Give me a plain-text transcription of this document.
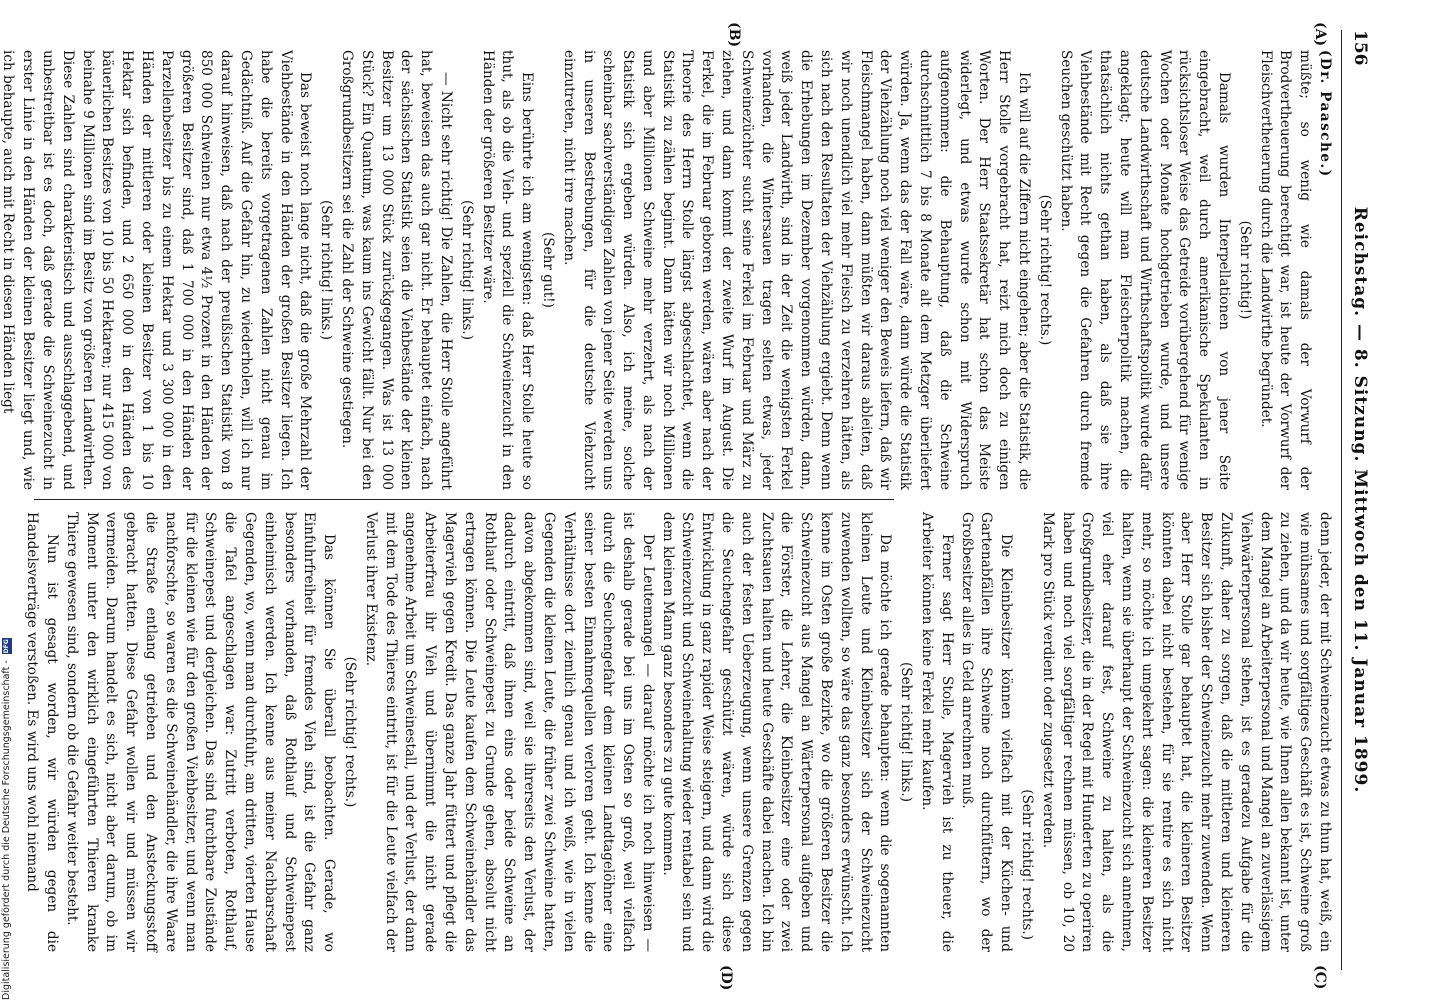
156
Reichstag. — 8. Sitzung. Mittwoch den 11. Januar 1899.
(A)
(B)
(C)
(D)

(Dr. Paasche.)

müßte; so wenig wie damals der Vorwurf der Brodvertheuerung berechtigt war, ist heute der Vorwurf der Fleischvertheuerung durch die Landwirthe begründet.

(Sehr richtig!)

Damals wurden Interpellationen von jener Seite eingebracht, weil durch amerikanische Spekulanten in rücksichtsloser Weise das Getreide vorübergehend für wenige Wochen oder Monate hochgetrieben wurde, und unsere deutsche Landwirthschaft und Wirthschaftspolitik wurde dafür angeklagt; heute will man Fleischerpolitik machen, die thatsächlich nichts gethan haben, als daß sie ihre Viehbestände mit Recht gegen die Gefahren durch fremde Seuchen geschützt haben.

(Sehr richtig! rechts.)

Ich will auf die Ziffern nicht eingehen; aber die Statistik, die Herr Stolle vorgebracht hat, reizt mich doch zu einigen Worten. Der Herr Staatssekretär hat schon das Meiste widerlegt, und etwas wurde schon mit Widerspruch aufgenommen: die Behauptung, daß die Schweine durchschnittlich 7 bis 8 Monate alt dem Metzger überliefert würden. Ja, wenn das der Fall wäre, dann würde die Statistik der Viehzählung noch viel weniger den Beweis liefern, daß wir Fleischmangel haben, dann müßten wir daraus ableiten, daß wir noch unendlich viel mehr Fleisch zu verzehren hätten, als sich nach den Resultaten der Viehzählung ergiebt. Denn wenn die Erhebungen im Dezember vorgenommen würden, dann, weiß jeder Landwirth, sind in der Zeit die wenigsten Ferkel vorhanden, die Wintersauen tragen selten etwas, jeder Schweinezüchter sucht seine Ferkel im Februar und März zu ziehen, und dann kommt der zweite Wurf im August. Die Ferkel, die im Februar geboren werden, wären aber nach der Theorie des Herrn Stolle längst abgeschlachtet, wenn die Statistik zu zählen beginnt. Dann hätten wir noch Millionen und aber Millionen Schweine mehr verzehrt, als nach der Statistik sich ergeben würden. Also, ich meine, solche scheinbar sachverständigen Zahlen von jener Seite werden uns in unseren Bestrebungen, für die deutsche Viehzucht einzutreten, nicht irre machen.

(Sehr gut!)

Eins berührte ich am wenigsten: daß Herr Stolle heute so thut, als ob die Vieh- und speziell die Schweinezucht in den Händen der größeren Besitzer wäre.

(Sehr richtig! links.)

— Nicht sehr richtig! Die Zahlen, die Herr Stolle angeführt hat, beweisen das auch gar nicht. Er behauptet einfach, nach der sächsischen Statistik seien die Viehbestände der kleinen Besitzer um 13 000 Stück zurückgegangen. Was ist 13 000 Stück? Ein Quantum, was kaum ins Gewicht fällt. Nur bei den Großgrundbesitzern sei die Zahl der Schweine gestiegen.

(Sehr richtig! links.)

Das beweist noch lange nicht, daß die große Mehrzahl der Viehbestände in den Händen der großen Besitzer liegen. Ich habe die bereits vorgetragenen Zahlen nicht genau im Gedächtniß. Auf die Gefahr hin, zu wiederholen, will ich nur darauf hinweisen, daß nach der preußischen Statistik von 8 850 000 Schweinen nur etwa 4½ Prozent in den Händen der größeren Besitzer sind, daß 1 700 000 in den Händen der Parzellenbesitzer bis zu einem Hektar und 3 300 000 in den Händen der mittleren oder kleinen Besitzer von 1 bis 10 Hektar sich befinden, und 2 650 000 in den Händen des bäuerlichen Besitzes von 10 bis 50 Hektaren; nur 415 000 von beinahe 9 Millionen sind im Besitz von größeren Landwirthen. Diese Zahlen sind charakteristisch und ausschlaggebend, und unbestreitbar ist es doch, daß gerade die Schweinezucht in erster Linie in den Händen der kleinen Besitzer liegt und, wie ich behaupte, auch mit Recht in diesen Händen liegt

denn jeder, der mit Schweinezucht etwas zu thun hat, weiß, ein wie mühsames und sorgfältiges Geschäft es ist, Schweine groß zu ziehen, und da wir heute, wie Ihnen allen bekannt ist, unter dem Mangel an Arbeiterpersonal und Mangel an zuverlässigem Viehwärterpersonal stehen, ist es geradezu Aufgabe für die Zukunft, daher zu sorgen, daß die mittleren und kleineren Besitzer sich bisher der Schweinezucht mehr zuwenden. Wenn aber Herr Stolle gar behauptet hat, die kleineren Besitzer könnten dabei nicht bestehen, für sie rentire es sich nicht mehr, so möchte ich umgekehrt sagen: die kleineren Besitzer halten, wenn sie überhaupt der Schweinezucht sich annehmen, viel eher darauf fest, Schweine zu halten, als die Großgrundbesitzer, die in der Regel mit Hunderten zu operiren haben und noch viel sorgfältiger rechnen müssen, ob 10, 20 Mark pro Stück verdient oder zugesetzt werden.

(Sehr richtig! rechts.)

Die Kleinbesitzer können vielfach mit der Küchen- und Gartenabfällen ihre Schweine noch durchfüttern, wo der Großbesitzer alles in Geld anrechnen muß.

Ferner sagt Herr Stolle, Magervieh ist zu theuer, die Arbeiter können keine Ferkel mehr kaufen.

(Sehr richtig! links.)

Da möchte ich gerade behaupten: wenn die sogenannten kleinen Leute und Kleinbesitzer sich der Schweinezucht zuwenden wollten, so wäre das ganz besonders erwünscht. Ich kenne im Osten große Bezirke, wo die größeren Besitzer die Schweinezucht aus Mangel an Wärterpersonal aufgeben und die Förster, die Lehrer, die Kleinbesitzer eine oder zwei Zuchtsauen halten und heute Geschäfte dabei machen. Ich bin auch der festen Ueberzeugung, wenn unsere Grenzen gegen die Seuchengefahr geschützt wären, würde sich diese Entwicklung in ganz rapider Weise steigern, und dann wird die Schweinezucht und Schweinehaltung wieder rentabel sein und dem kleinen Mann ganz besonders zu gute kommen.

Der Leutemangel — darauf möchte ich noch hinweisen — ist deshalb gerade bei uns im Osten so groß, weil vielfach durch die Seuchengefahr dem kleinen Landtagelöhner eine seiner besten Einnahmequellen verloren geht. Ich kenne die Verhältnisse dort ziemlich genau und ich weiß, wie in vielen Gegenden die kleinen Leute, die früher zwei Schweine hatten, davon abgekommen sind, weil sie ihrerseits den Verlust, der dadurch eintritt, daß ihnen eins oder beide Schweine an Rothlauf oder Schweinepest zu Grunde gehen, absolut nicht ertragen können. Die Leute kaufen dem Schweinehändler das Magervieh gegen Kredit. Das ganze Jahr füttert und pflegt die Arbeiterfrau ihr Vieh und übernimmt die nicht gerade angenehme Arbeit um Schweinestall, und der Verlust, der dann mit dem Tode des Thieres eintritt, ist für die Leute vielfach der Verlust ihrer Existenz.

(Sehr richtig! rechts.)

Das können Sie überall beobachten. Gerade, wo Einfuhrfreiheit für fremdes Vieh sind, ist die Gefahr ganz besonders vorhanden, daß Rothlauf und Schweinepest einheimisch werden. Ich kenne aus meiner Nachbarschaft Gegenden, wo, wenn man durchfuhr, am dritten, vierten Hause die Tafel angeschlagen war: Zutritt verboten, Rothlauf, Schweinepest und dergleichen. Das sind furchtbare Zustände für die kleinen wie für den großen Viehbesitzer, und wenn man nachforschte, so waren es die Schweinehändler, die ihre Waare die Straße entlang getrieben und den Ansteckungsstoff gebracht hatten. Diese Gefahr wollen wir und müssen wir vermeiden. Darum handelt es sich, nicht aber darum, ob im Moment unter den wirklich eingeführten Thieren kranke Thiere gewesen sind, sondern ob die Gefahr weiter besteht.

Nun ist gesagt worden, wir würden gegen die Handelsverträge verstoßen. Es wird uns wohl niemand

Digitalisierung gefördert durch die Deutsche Forschungsgemeinschaft - DFG
